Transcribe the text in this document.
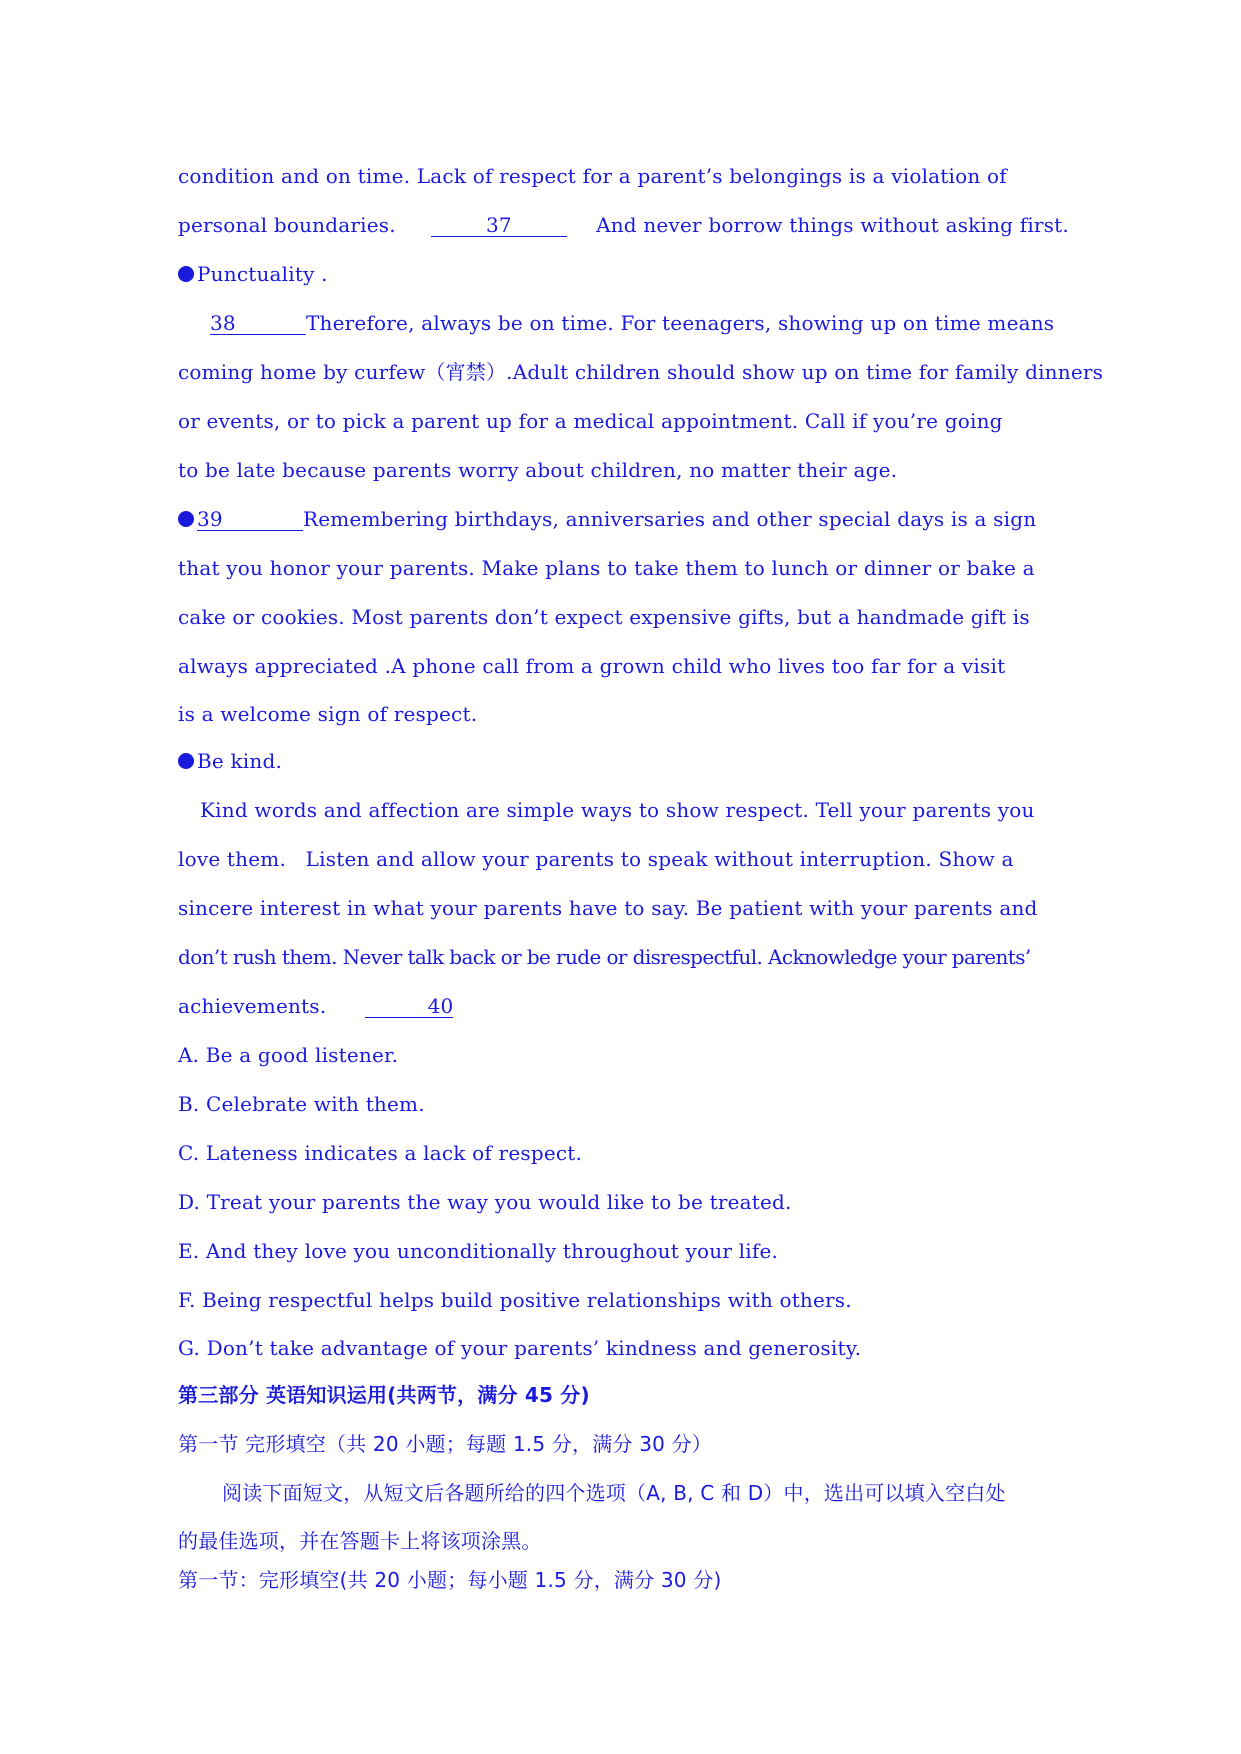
condition and on time. Lack of respect for a parent’s belongings is a violation of
personal boundaries.	37	And never borrow things without asking first.
Punctuality .
38	Therefore, always be on time. For teenagers, showing up on time means
coming home by curfew（宵禁）.Adult children should show up on time for family dinners
or events, or to pick a parent up for a medical appointment. Call if you’re going
to be late because parents worry about children, no matter their age.
39	Remembering birthdays, anniversaries and other special days is a sign
that you honor your parents. Make plans to take them to lunch or dinner or bake a
cake or cookies. Most parents don’t expect expensive gifts, but a handmade gift is
always appreciated .A phone call from a grown child who lives too far for a visit
is a welcome sign of respect.
Be kind.
Kind words and affection are simple ways to show respect. Tell your parents you
love them.   Listen and allow your parents to speak without interruption. Show a
sincere interest in what your parents have to say. Be patient with your parents and
don’t rush them. Never talk back or be rude or disrespectful. Acknowledge your parents’
achievements.	40
A. Be a good listener.
B. Celebrate with them.
C. Lateness indicates a lack of respect.
D. Treat your parents the way you would like to be treated.
E. And they love you unconditionally throughout your life.
F. Being respectful helps build positive relationships with others.
G. Don’t take advantage of your parents’ kindness and generosity.
第三部分 英语知识运用(共两节，满分 45 分)
第一节 完形填空（共 20 小题；每题 1.5 分，满分 30 分）
阅读下面短文，从短文后各题所给的四个选项（A, B, C 和 D）中，选出可以填入空白处
的最佳选项，并在答题卡上将该项涂黑。
第一节：完形填空(共 20 小题；每小题 1.5 分，满分 30 分)
